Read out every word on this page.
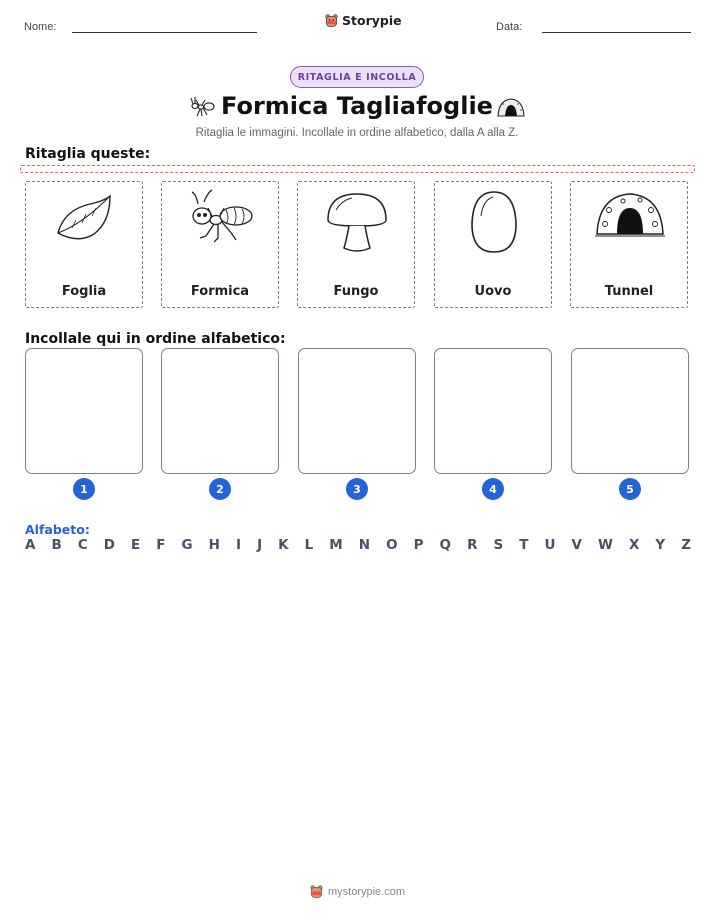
Nome:	Storypie	Data:
RITAGLIA E INCOLLA
Formica Tagliafoglie
Ritaglia le immagini. Incollale in ordine alfabetico, dalla A alla Z.
Ritaglia queste:
Foglia	Formica	Fungo	Uovo	Tunnel
Incollale qui in ordine alfabetico:
1	2	3	4	5
Alfabeto:
A B C D E F G H I J K L M N O P Q R S T U V W X Y Z
mystorypie.com
